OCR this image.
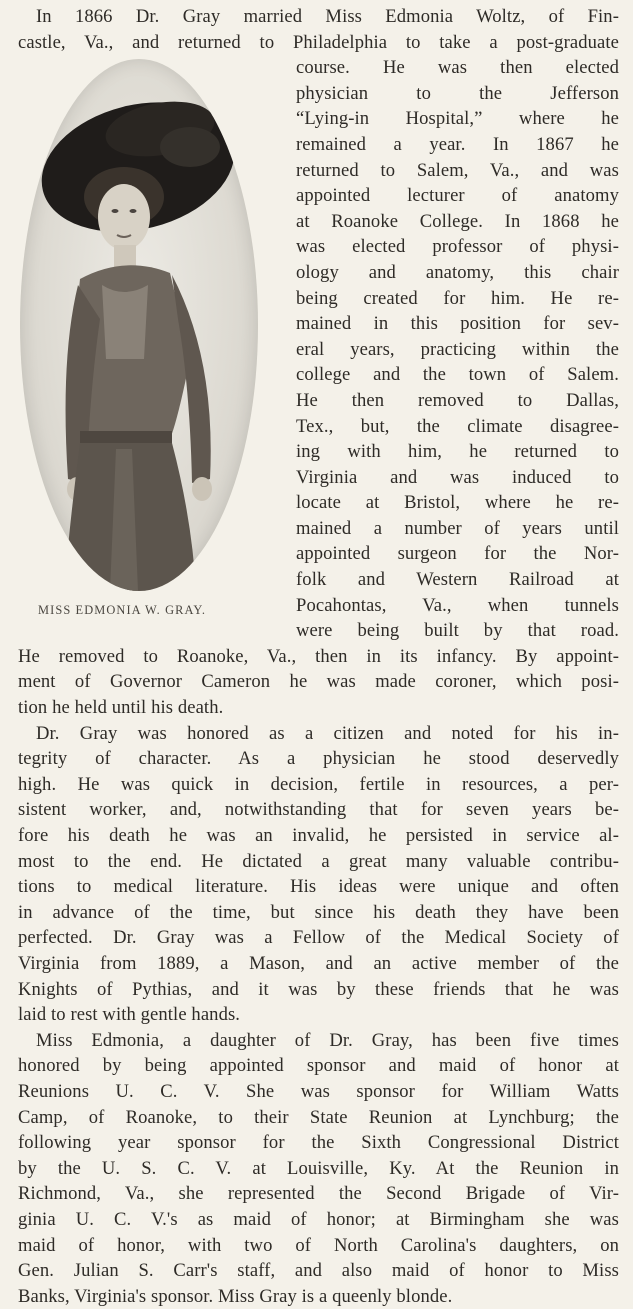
In 1866 Dr. Gray married Miss Edmonia Woltz, of Fin-
castle, Va., and returned to Philadelphia to take a post-graduate
MISS EDMONIA W. GRAY.
course. He was then elected
physician to the Jefferson
“Lying-in Hospital,” where he
remained a year. In 1867 he
returned to Salem, Va., and was
appointed lecturer of anatomy
at Roanoke College. In 1868 he
was elected professor of physi-
ology and anatomy, this chair
being created for him. He re-
mained in this position for sev-
eral years, practicing within the
college and the town of Salem.
He then removed to Dallas,
Tex., but, the climate disagree-
ing with him, he returned to
Virginia and was induced to
locate at Bristol, where he re-
mained a number of years until
appointed surgeon for the Nor-
folk and Western Railroad at
Pocahontas, Va., when tunnels
were being built by that road.
He removed to Roanoke, Va., then in its infancy. By appoint-
ment of Governor Cameron he was made coroner, which posi-
tion he held until his death.
Dr. Gray was honored as a citizen and noted for his in-
tegrity of character. As a physician he stood deservedly
high. He was quick in decision, fertile in resources, a per-
sistent worker, and, notwithstanding that for seven years be-
fore his death he was an invalid, he persisted in service al-
most to the end. He dictated a great many valuable contribu-
tions to medical literature. His ideas were unique and often
in advance of the time, but since his death they have been
perfected. Dr. Gray was a Fellow of the Medical Society of
Virginia from 1889, a Mason, and an active member of the
Knights of Pythias, and it was by these friends that he was
laid to rest with gentle hands.
Miss Edmonia, a daughter of Dr. Gray, has been five times
honored by being appointed sponsor and maid of honor at
Reunions U. C. V. She was sponsor for William Watts
Camp, of Roanoke, to their State Reunion at Lynchburg; the
following year sponsor for the Sixth Congressional District
by the U. S. C. V. at Louisville, Ky. At the Reunion in
Richmond, Va., she represented the Second Brigade of Vir-
ginia U. C. V.'s as maid of honor; at Birmingham she was
maid of honor, with two of North Carolina's daughters, on
Gen. Julian S. Carr's staff, and also maid of honor to Miss
Banks, Virginia's sponsor. Miss Gray is a queenly blonde.
